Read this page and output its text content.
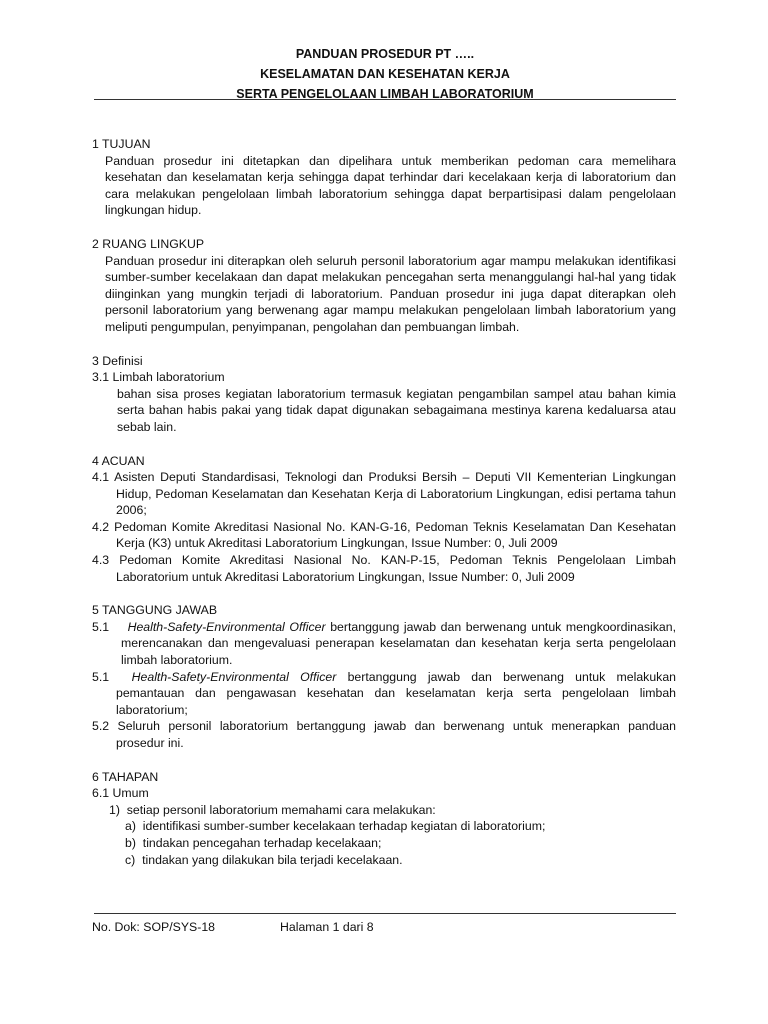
PANDUAN PROSEDUR PT …..
KESELAMATAN DAN KESEHATAN KERJA
SERTA PENGELOLAAN LIMBAH LABORATORIUM
1 TUJUAN
Panduan prosedur ini ditetapkan dan dipelihara untuk memberikan pedoman cara memelihara kesehatan dan keselamatan kerja sehingga dapat terhindar dari kecelakaan kerja di laboratorium dan cara melakukan pengelolaan limbah laboratorium sehingga dapat berpartisipasi dalam pengelolaan lingkungan hidup.
2 RUANG LINGKUP
Panduan prosedur ini diterapkan oleh seluruh personil laboratorium agar mampu melakukan identifikasi sumber-sumber kecelakaan dan dapat melakukan pencegahan serta menanggulangi hal-hal yang tidak diinginkan yang mungkin terjadi di laboratorium. Panduan prosedur ini juga dapat diterapkan oleh personil laboratorium yang berwenang agar mampu melakukan pengelolaan limbah laboratorium yang meliputi pengumpulan, penyimpanan, pengolahan dan pembuangan limbah.
3 Definisi
3.1 Limbah laboratorium
bahan sisa proses kegiatan laboratorium termasuk kegiatan pengambilan sampel atau bahan kimia serta bahan habis pakai yang tidak dapat digunakan sebagaimana mestinya karena kedaluarsa atau sebab lain.
4 ACUAN
4.1 Asisten Deputi Standardisasi, Teknologi dan Produksi Bersih – Deputi VII Kementerian Lingkungan Hidup, Pedoman Keselamatan dan Kesehatan Kerja di Laboratorium Lingkungan, edisi pertama tahun 2006;
4.2 Pedoman Komite Akreditasi Nasional No. KAN-G-16, Pedoman Teknis Keselamatan Dan Kesehatan Kerja (K3) untuk Akreditasi Laboratorium Lingkungan, Issue Number: 0, Juli 2009
4.3 Pedoman Komite Akreditasi Nasional No. KAN-P-15, Pedoman Teknis Pengelolaan Limbah Laboratorium untuk Akreditasi Laboratorium Lingkungan, Issue Number: 0, Juli 2009
5 TANGGUNG JAWAB
5.1 Health-Safety-Environmental Officer bertanggung jawab dan berwenang untuk mengkoordinasikan, merencanakan dan mengevaluasi penerapan keselamatan dan kesehatan kerja serta pengelolaan limbah laboratorium.
5.1 Health-Safety-Environmental Officer bertanggung jawab dan berwenang untuk melakukan pemantauan dan pengawasan kesehatan dan keselamatan kerja serta pengelolaan limbah laboratorium;
5.2 Seluruh personil laboratorium bertanggung jawab dan berwenang untuk menerapkan panduan prosedur ini.
6 TAHAPAN
6.1 Umum
1) setiap personil laboratorium memahami cara melakukan:
a) identifikasi sumber-sumber kecelakaan terhadap kegiatan di laboratorium;
b) tindakan pencegahan terhadap kecelakaan;
c) tindakan yang dilakukan bila terjadi kecelakaan.
No. Dok: SOP/SYS-18	Halaman 1 dari 8
